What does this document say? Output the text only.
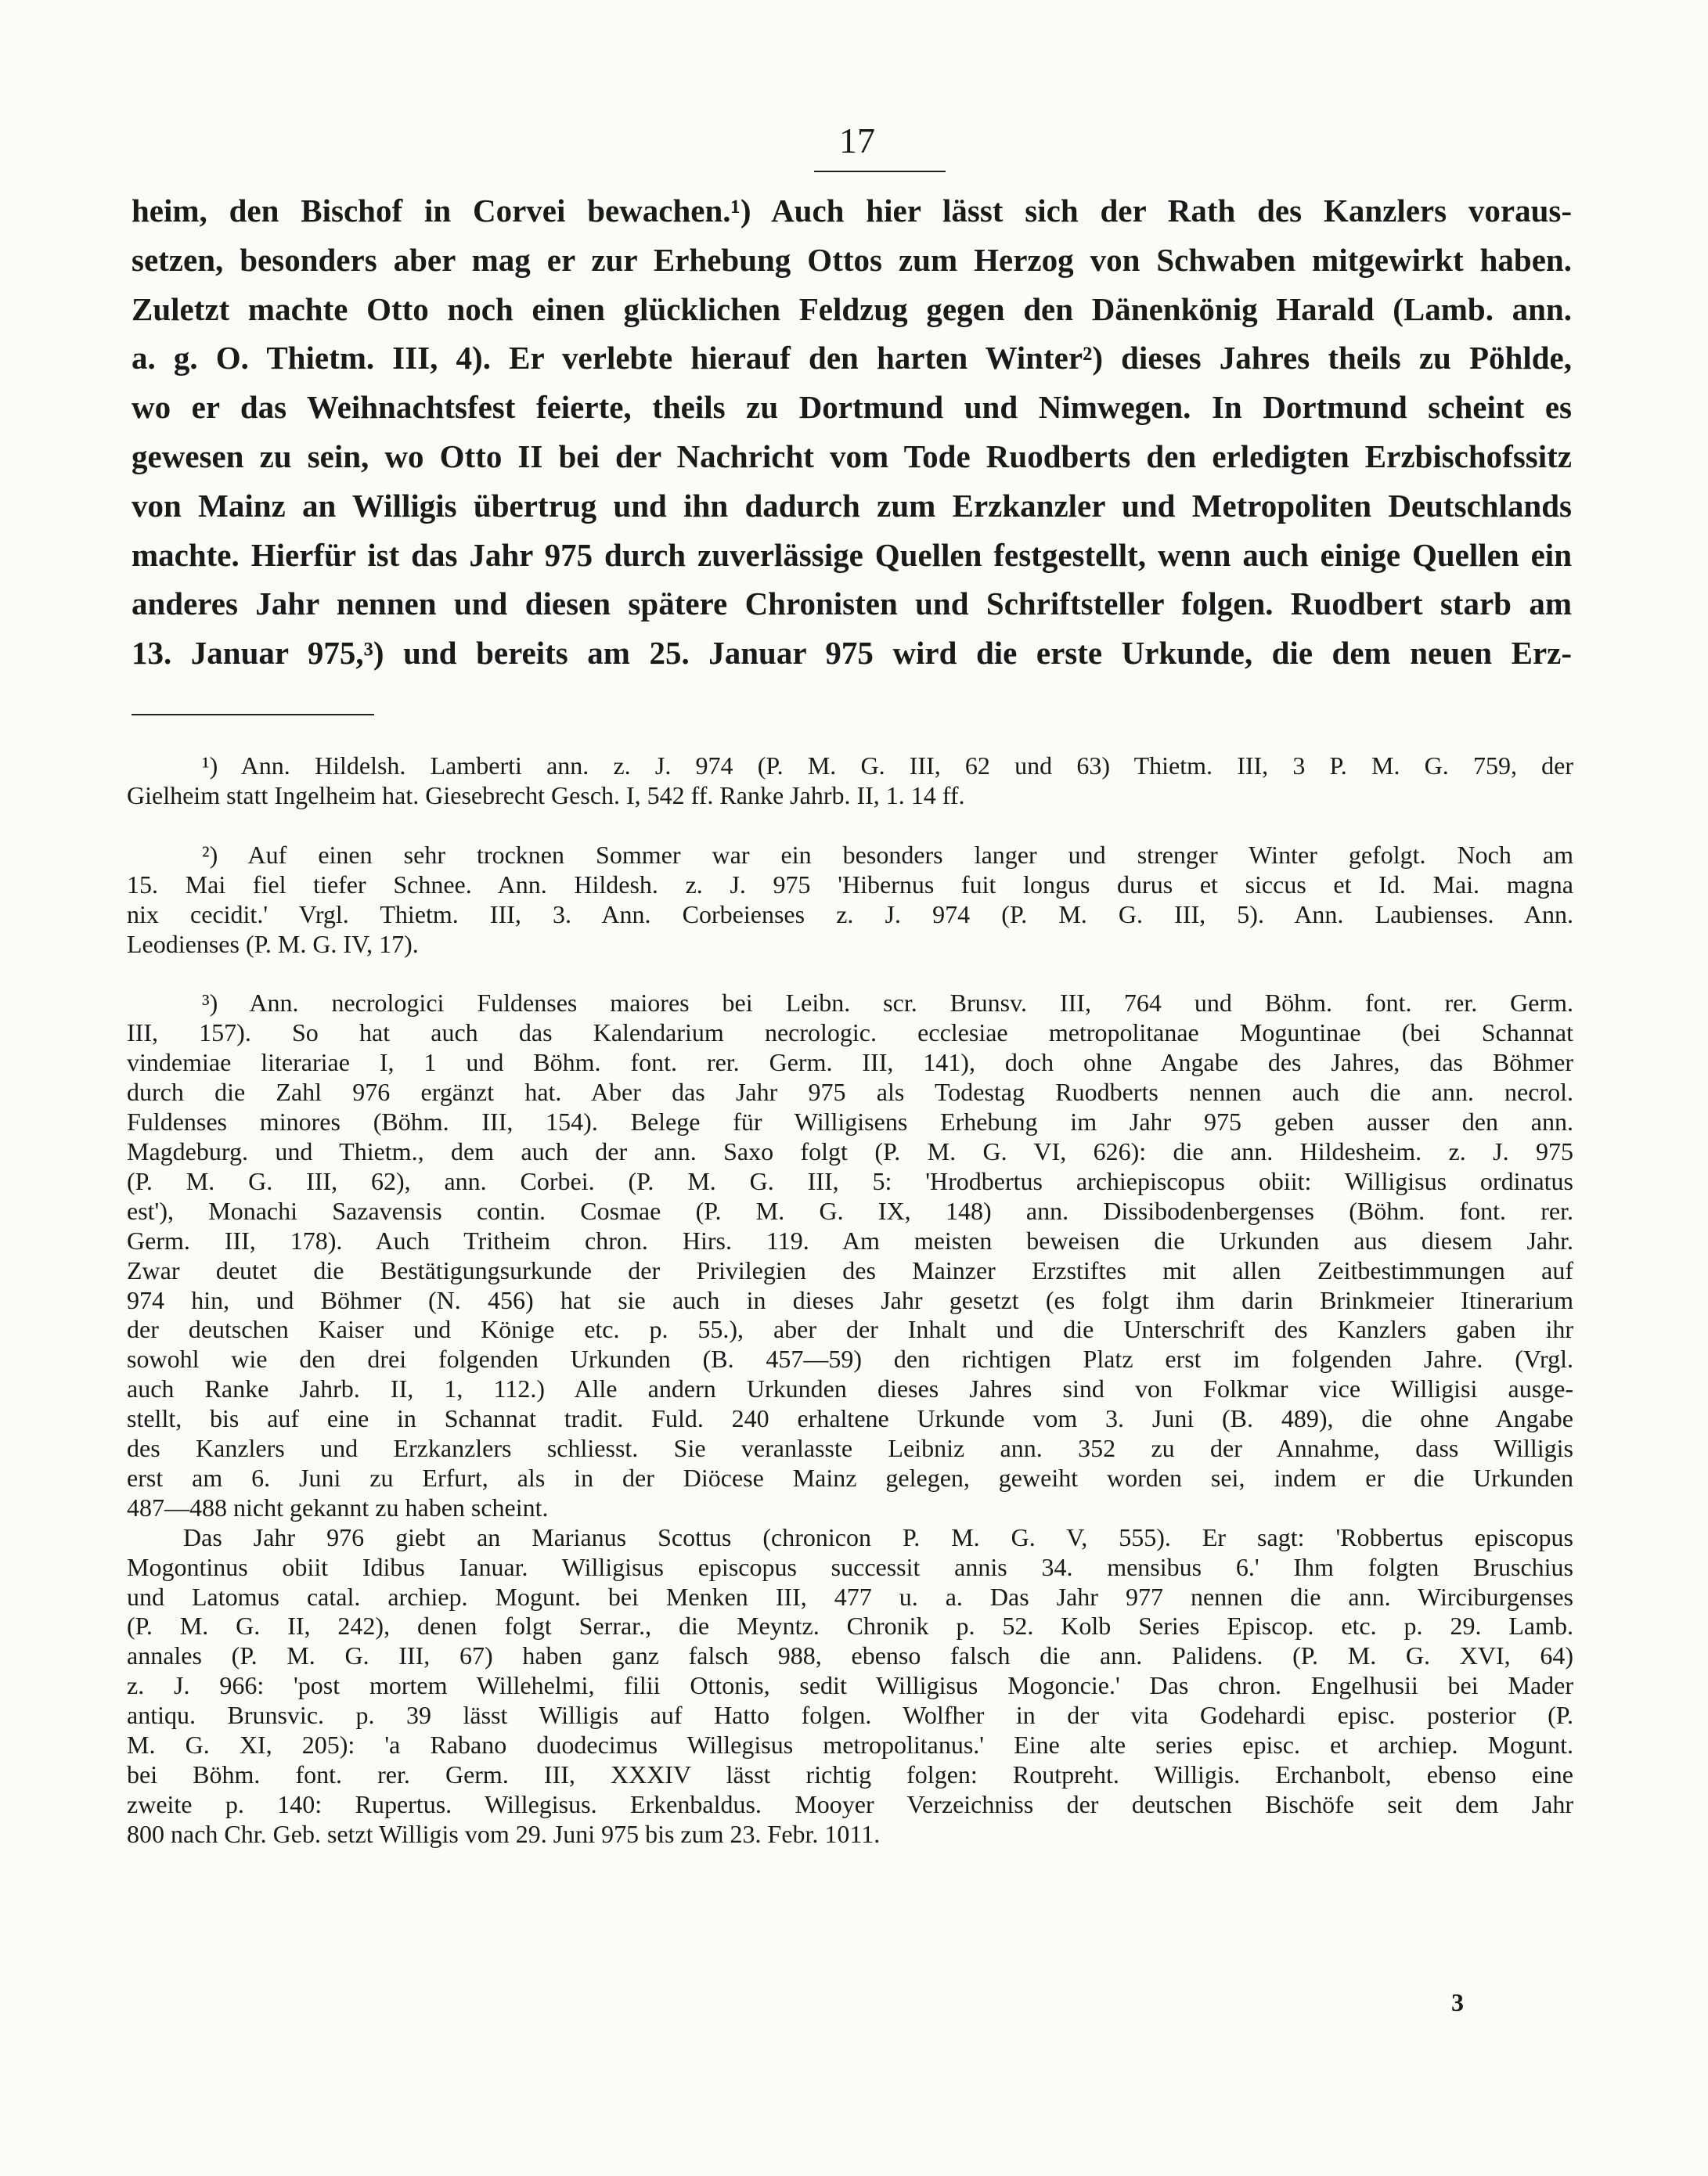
17
heim, den Bischof in Corvei bewachen.¹) Auch hier lässt sich der Rath des Kanzlers voraus-
setzen, besonders aber mag er zur Erhebung Ottos zum Herzog von Schwaben mitgewirkt haben.
Zuletzt machte Otto noch einen glücklichen Feldzug gegen den Dänenkönig Harald (Lamb. ann.
a. g. O. Thietm. III, 4). Er verlebte hierauf den harten Winter²) dieses Jahres theils zu Pöhlde,
wo er das Weihnachtsfest feierte, theils zu Dortmund und Nimwegen. In Dortmund scheint es
gewesen zu sein, wo Otto II bei der Nachricht vom Tode Ruodberts den erledigten Erzbischofssitz
von Mainz an Willigis übertrug und ihn dadurch zum Erzkanzler und Metropoliten Deutschlands
machte. Hierfür ist das Jahr 975 durch zuverlässige Quellen festgestellt, wenn auch einige Quellen ein
anderes Jahr nennen und diesen spätere Chronisten und Schriftsteller folgen. Ruodbert starb am
13. Januar 975,³) und bereits am 25. Januar 975 wird die erste Urkunde, die dem neuen Erz-
¹) Ann. Hildelsh. Lamberti ann. z. J. 974 (P. M. G. III, 62 und 63) Thietm. III, 3 P. M. G. 759, der
Gielheim statt Ingelheim hat. Giesebrecht Gesch. I, 542 ff. Ranke Jahrb. II, 1. 14 ff.
²) Auf einen sehr trocknen Sommer war ein besonders langer und strenger Winter gefolgt. Noch am
15. Mai fiel tiefer Schnee. Ann. Hildesh. z. J. 975 'Hibernus fuit longus durus et siccus et Id. Mai. magna
nix cecidit.' Vrgl. Thietm. III, 3. Ann. Corbeienses z. J. 974 (P. M. G. III, 5). Ann. Laubienses. Ann.
Leodienses (P. M. G. IV, 17).
³) Ann. necrologici Fuldenses maiores bei Leibn. scr. Brunsv. III, 764 und Böhm. font. rer. Germ.
III, 157). So hat auch das Kalendarium necrologic. ecclesiae metropolitanae Moguntinae (bei Schannat
vindemiae literariae I, 1 und Böhm. font. rer. Germ. III, 141), doch ohne Angabe des Jahres, das Böhmer
durch die Zahl 976 ergänzt hat. Aber das Jahr 975 als Todestag Ruodberts nennen auch die ann. necrol.
Fuldenses minores (Böhm. III, 154). Belege für Willigisens Erhebung im Jahr 975 geben ausser den ann.
Magdeburg. und Thietm., dem auch der ann. Saxo folgt (P. M. G. VI, 626): die ann. Hildesheim. z. J. 975
(P. M. G. III, 62), ann. Corbei. (P. M. G. III, 5: 'Hrodbertus archiepiscopus obiit: Willigisus ordinatus
est'), Monachi Sazavensis contin. Cosmae (P. M. G. IX, 148) ann. Dissibodenbergenses (Böhm. font. rer.
Germ. III, 178). Auch Tritheim chron. Hirs. 119. Am meisten beweisen die Urkunden aus diesem Jahr.
Zwar deutet die Bestätigungsurkunde der Privilegien des Mainzer Erzstiftes mit allen Zeitbestimmungen auf
974 hin, und Böhmer (N. 456) hat sie auch in dieses Jahr gesetzt (es folgt ihm darin Brinkmeier Itinerarium
der deutschen Kaiser und Könige etc. p. 55.), aber der Inhalt und die Unterschrift des Kanzlers gaben ihr
sowohl wie den drei folgenden Urkunden (B. 457—59) den richtigen Platz erst im folgenden Jahre. (Vrgl.
auch Ranke Jahrb. II, 1, 112.) Alle andern Urkunden dieses Jahres sind von Folkmar vice Willigisi ausge-
stellt, bis auf eine in Schannat tradit. Fuld. 240 erhaltene Urkunde vom 3. Juni (B. 489), die ohne Angabe
des Kanzlers und Erzkanzlers schliesst. Sie veranlasste Leibniz ann. 352 zu der Annahme, dass Willigis
erst am 6. Juni zu Erfurt, als in der Diöcese Mainz gelegen, geweiht worden sei, indem er die Urkunden
487—488 nicht gekannt zu haben scheint.
Das Jahr 976 giebt an Marianus Scottus (chronicon P. M. G. V, 555). Er sagt: 'Robbertus episcopus
Mogontinus obiit Idibus Ianuar. Willigisus episcopus successit annis 34. mensibus 6.' Ihm folgten Bruschius
und Latomus catal. archiep. Mogunt. bei Menken III, 477 u. a. Das Jahr 977 nennen die ann. Wirciburgenses
(P. M. G. II, 242), denen folgt Serrar., die Meyntz. Chronik p. 52. Kolb Series Episcop. etc. p. 29. Lamb.
annales (P. M. G. III, 67) haben ganz falsch 988, ebenso falsch die ann. Palidens. (P. M. G. XVI, 64)
z. J. 966: 'post mortem Willehelmi, filii Ottonis, sedit Willigisus Mogoncie.' Das chron. Engelhusii bei Mader
antiqu. Brunsvic. p. 39 lässt Willigis auf Hatto folgen. Wolfher in der vita Godehardi episc. posterior (P.
M. G. XI, 205): 'a Rabano duodecimus Willegisus metropolitanus.' Eine alte series episc. et archiep. Mogunt.
bei Böhm. font. rer. Germ. III, XXXIV lässt richtig folgen: Routpreht. Willigis. Erchanbolt, ebenso eine
zweite p. 140: Rupertus. Willegisus. Erkenbaldus. Mooyer Verzeichniss der deutschen Bischöfe seit dem Jahr
800 nach Chr. Geb. setzt Willigis vom 29. Juni 975 bis zum 23. Febr. 1011.
3
